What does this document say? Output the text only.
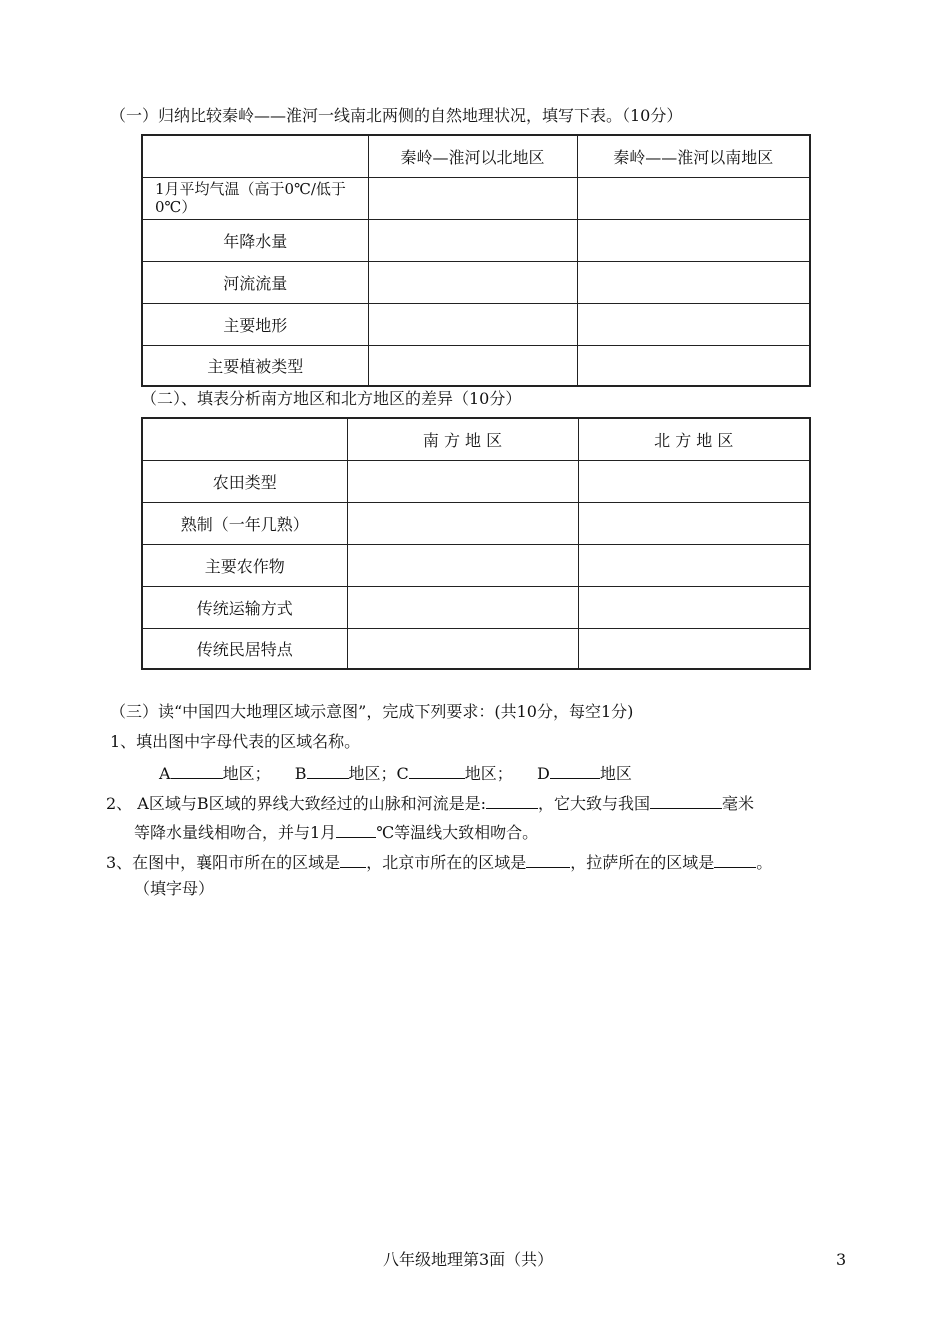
（一）归纳比较秦岭——淮河一线南北两侧的自然地理状况，填写下表。（10分）
	秦岭—淮河以北地区	秦岭——淮河以南地区
1月平均气温（高于0℃/低于0℃）		
年降水量		
河流流量		
主要地形		
主要植被类型		
（二）、填表分析南方地区和北方地区的差异（10分）
	南 方 地 区	北 方 地 区
农田类型		
熟制（一年几熟）		
主要农作物		
传统运输方式		
传统民居特点		
（三）读“中国四大地理区域示意图”，完成下列要求：(共10分，每空1分)
1、填出图中字母代表的区域名称。
A	地区； B	地区；C	地区； D	地区
2、 A区域与B区域的界线大致经过的山脉和河流是是:	，它大致与我国	毫米
等降水量线相吻合，并与1月	℃等温线大致相吻合。
3、在图中，襄阳市所在的区域是 ，北京市所在的区域是	，拉萨所在的区域是	。
（填字母）
八年级地理第3面（共）	3
